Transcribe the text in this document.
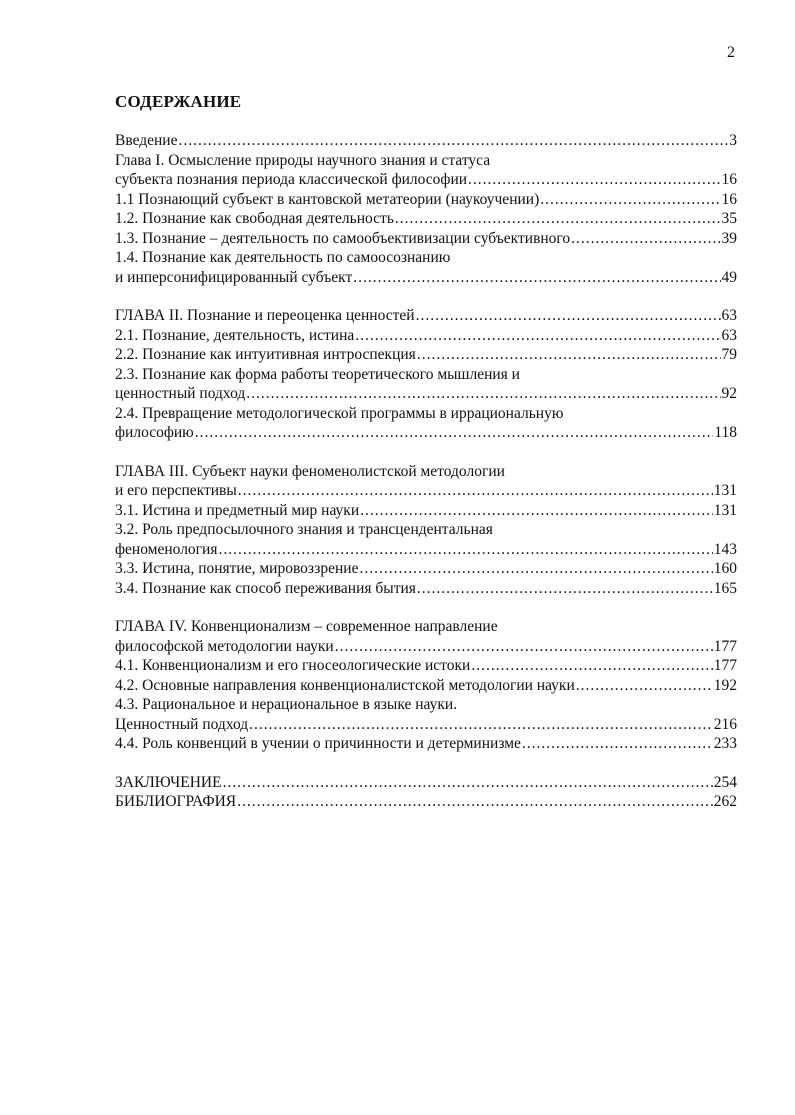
2
СОДЕРЖАНИЕ
Введение .....	3
Глава I. Осмысление природы научного знания и статуса
субъекта познания периода классической философии .....	16
1.1 Познающий субъект в кантовской метатеории (наукоучении) .....	16
1.2. Познание как свободная деятельность .....	35
1.3. Познание – деятельность по самообъективизации субъективного .....	39
1.4. Познание как деятельность по самоосознанию
и инперсонифицированный субъект .....	49
ГЛАВА II. Познание и переоценка ценностей .....	63
2.1. Познание, деятельность, истина .....	63
2.2. Познание как интуитивная интроспекция .....	79
2.3. Познание как форма работы теоретического мышления и
ценностный подход .....	92
2.4. Превращение методологической программы в иррациональную
философию .....	118
ГЛАВА III. Субъект науки феноменолистской методологии
и его перспективы .....	131
3.1. Истина и предметный мир науки .....	131
3.2. Роль предпосылочного знания и трансцендентальная
феноменология .....	143
3.3. Истина, понятие, мировоззрение .....	160
3.4. Познание как способ переживания бытия .....	165
ГЛАВА IV. Конвенционализм – современное направление
философской методологии науки .....	177
4.1. Конвенционализм и его гносеологические истоки .....	177
4.2. Основные направления конвенционалистской методологии науки .....	192
4.3. Рациональное и нерациональное в языке науки.
Ценностный подход .....	216
4.4. Роль конвенций в учении о причинности и детерминизме .....	233
ЗАКЛЮЧЕНИЕ .....	254
БИБЛИОГРАФИЯ .....	262
